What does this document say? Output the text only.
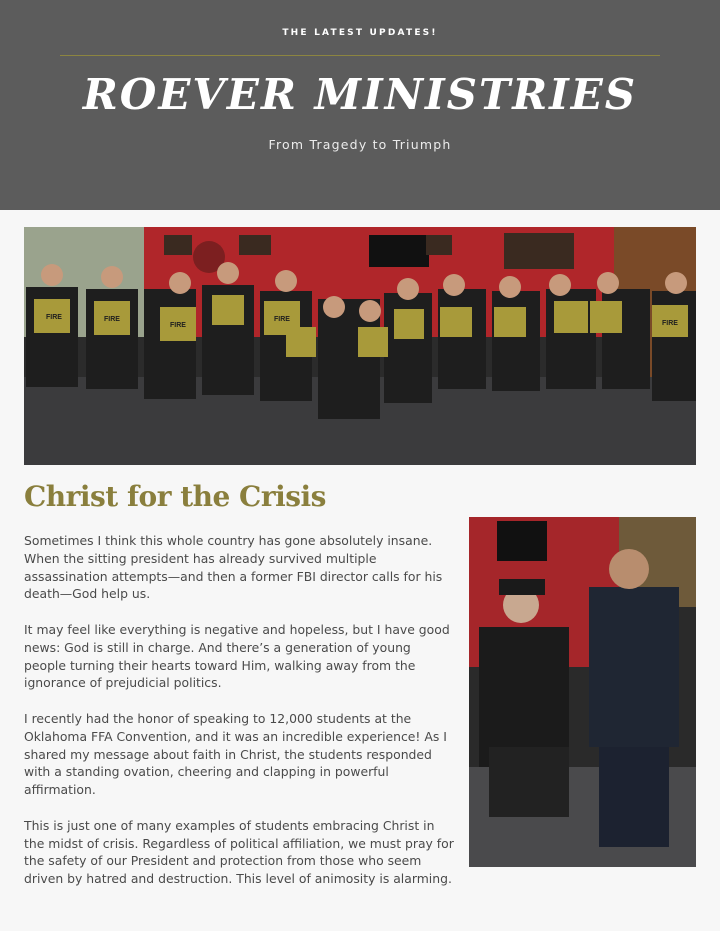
THE LATEST UPDATES!
ROEVER MINISTRIES
From Tragedy to Triumph
FIRE	FIRE
FIRE
FIRE
FIRE
Christ for the Crisis

Sometimes I think this whole country has gone absolutely insane. When the sitting president has already survived multiple assassination attempts—and then a former FBI director calls for his death—God help us.

It may feel like everything is negative and hopeless, but I have good news: God is still in charge. And there’s a generation of young people turning their hearts toward Him, walking away from the ignorance of prejudicial politics.

I recently had the honor of speaking to 12,000 students at the Oklahoma FFA Convention, and it was an incredible experience! As I shared my message about faith in Christ, the students responded with a standing ovation, cheering and clapping in powerful affirmation.

This is just one of many examples of students embracing Christ in the midst of crisis. Regardless of political affiliation, we must pray for the safety of our President and protection from those who seem driven by hatred and destruction. This level of animosity is alarming.
